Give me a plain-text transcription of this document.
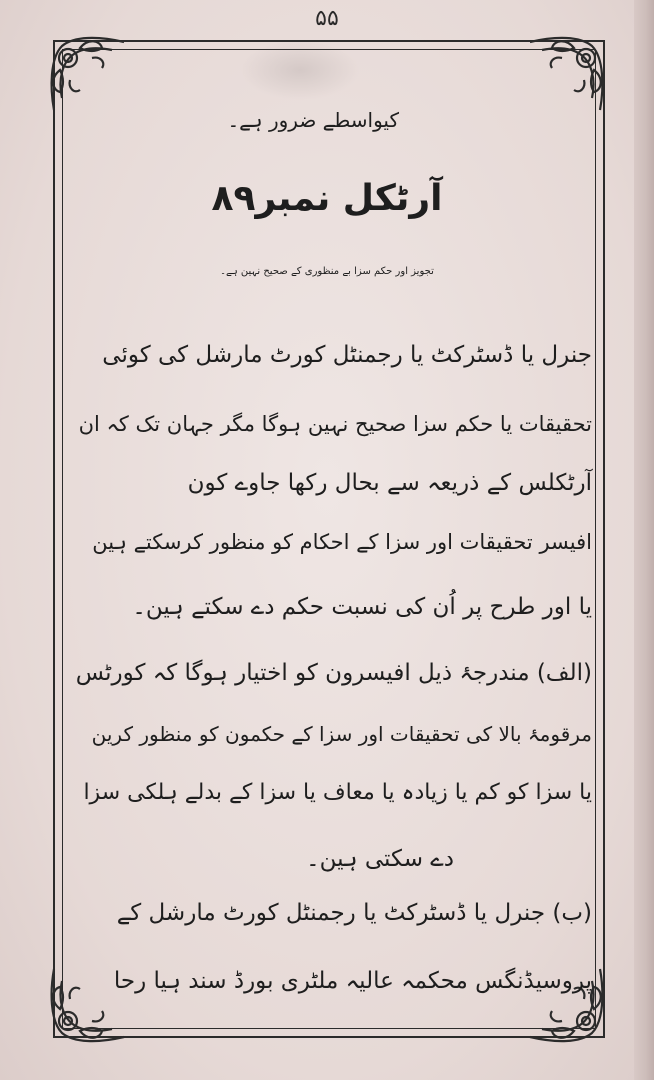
۵۵
کیواسطے ضرور ہے۔
آرٹکل نمبر۸۹
تجویز اور حکم سزا بے منظوری کے صحیح نہین ہے۔
جنرل یا ڈسٹرکٹ یا رجمنٹل کورٹ مارشل کی کوئی
تحقیقات یا حکم سزا صحیح نہین ہوگا مگر جہان تک کہ ان
آرٹکلس کے ذریعہ سے بحال رکھا جاوے کون
افیسر تحقیقات اور سزا کے احکام کو منظور کرسکتے ہین
یا اور طرح پر اُن کی نسبت حکم دے سکتے ہین۔
(الف) مندرجۂ ذیل افیسرون کو اختیار ہوگا کہ کورٹس
مرقومۂ بالا کی تحقیقات اور سزا کے حکمون کو منظور کرین
یا سزا کو کم یا زیادہ یا معاف یا سزا کے بدلے ہلکی سزا
دے سکتی ہین۔
(ب) جنرل یا ڈسٹرکٹ یا رجمنٹل کورٹ مارشل کے
پروسیڈنگس محکمہ عالیہ ملٹری بورڈ سند ہیا رحا
